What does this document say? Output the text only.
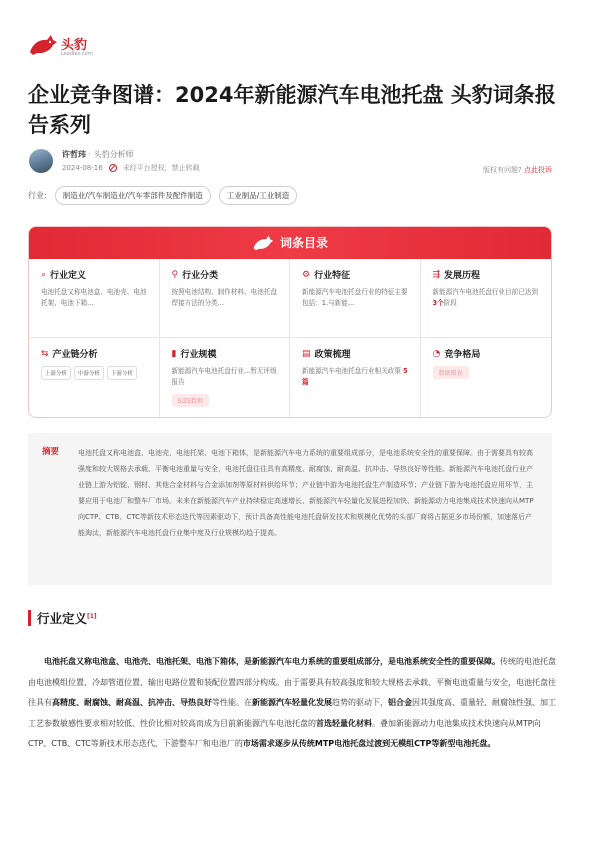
头豹
Leadleo.com
企业竞争图谱：2024年新能源汽车电池托盘 头豹词条报告系列
许哲玮 · 头豹分析师
2024-08-16	未经平台授权，禁止转载	版权有问题? 点此投诉
行业:	制造业/汽车制造业/汽车零部件及配件制造	工业制品/工业制造
词条目录
⌕ 行业定义
电池托盘又称电池盒、电池壳、电池托架、电池下箱...
⚲ 行业分类
按照电池结构、制作材料、电池托盘焊接方法的分类...
⚙ 行业特征
新能源汽车电池托盘行业的特征主要包括：1.与新能...
⇶ 发展历程
新能源汽车电池托盘行业目前已达到 3个阶段
⇆ 产业链分析
上游分析	中游分析	下游分析
▮ 行业规模
新能源汽车电池托盘行业...暂无评级报告
SIZE数据
▤ 政策梳理
新能源汽车电池托盘行业相关政策 5篇
◔ 竞争格局
数据图表
摘要	电池托盘又称电池盒、电池壳、电池托架、电池下箱体，是新能源汽车电力系统的重要组成部分，是电池系统安全性的重要保障。由于需要具有较高强度和较大规格去承载、平衡电池重量与安全，电池托盘往往具有高精度、耐腐蚀、耐高温、抗冲击、导热良好等性能。新能源汽车电池托盘行业产业链上游为铝锭、钢材、其他合金材料与合金添加剂等原材料供给环节；产业链中游为电池托盘生产制造环节；产业链下游为电池托盘应用环节，主要应用于电池厂和整车厂市场。未来在新能源汽车产业持续稳定高速增长、新能源汽车轻量化发展进程加快、新能源动力电池集成技术快速向从MTP向CTP、CTB、CTC等新技术形态迭代等因素驱动下，预计具备高性能电池托盘研发技术和规模化优势的头部厂商将占据更多市场份额，加速落后产能淘汰，新能源汽车电池托盘行业集中度及行业规模均趋于提高。
行业定义[1]

电池托盘又称电池盒、电池壳、电池托架、电池下箱体，是新能源汽车电力系统的重要组成部分，是电池系统安全性的重要保障。传统的电池托盘由电池模组位置、冷却管道位置、输出电路位置和装配位置四部分构成。由于需要具有较高强度和较大规格去承载、平衡电池重量与安全，电池托盘往往具有高精度、耐腐蚀、耐高温、抗冲击、导热良好等性能。在新能源汽车轻量化发展趋势的驱动下，铝合金因其强度高、重量轻、耐腐蚀性强、加工工艺参数敏感性要求相对较低、性价比相对较高而成为目前新能源汽车电池托盘的首选轻量化材料。叠加新能源动力电池集成技术快速向从MTP向CTP、CTB、CTC等新技术形态迭代，下游整车厂和电池厂的市场需求逐步从传统MTP电池托盘过渡到无模组CTP等新型电池托盘。
